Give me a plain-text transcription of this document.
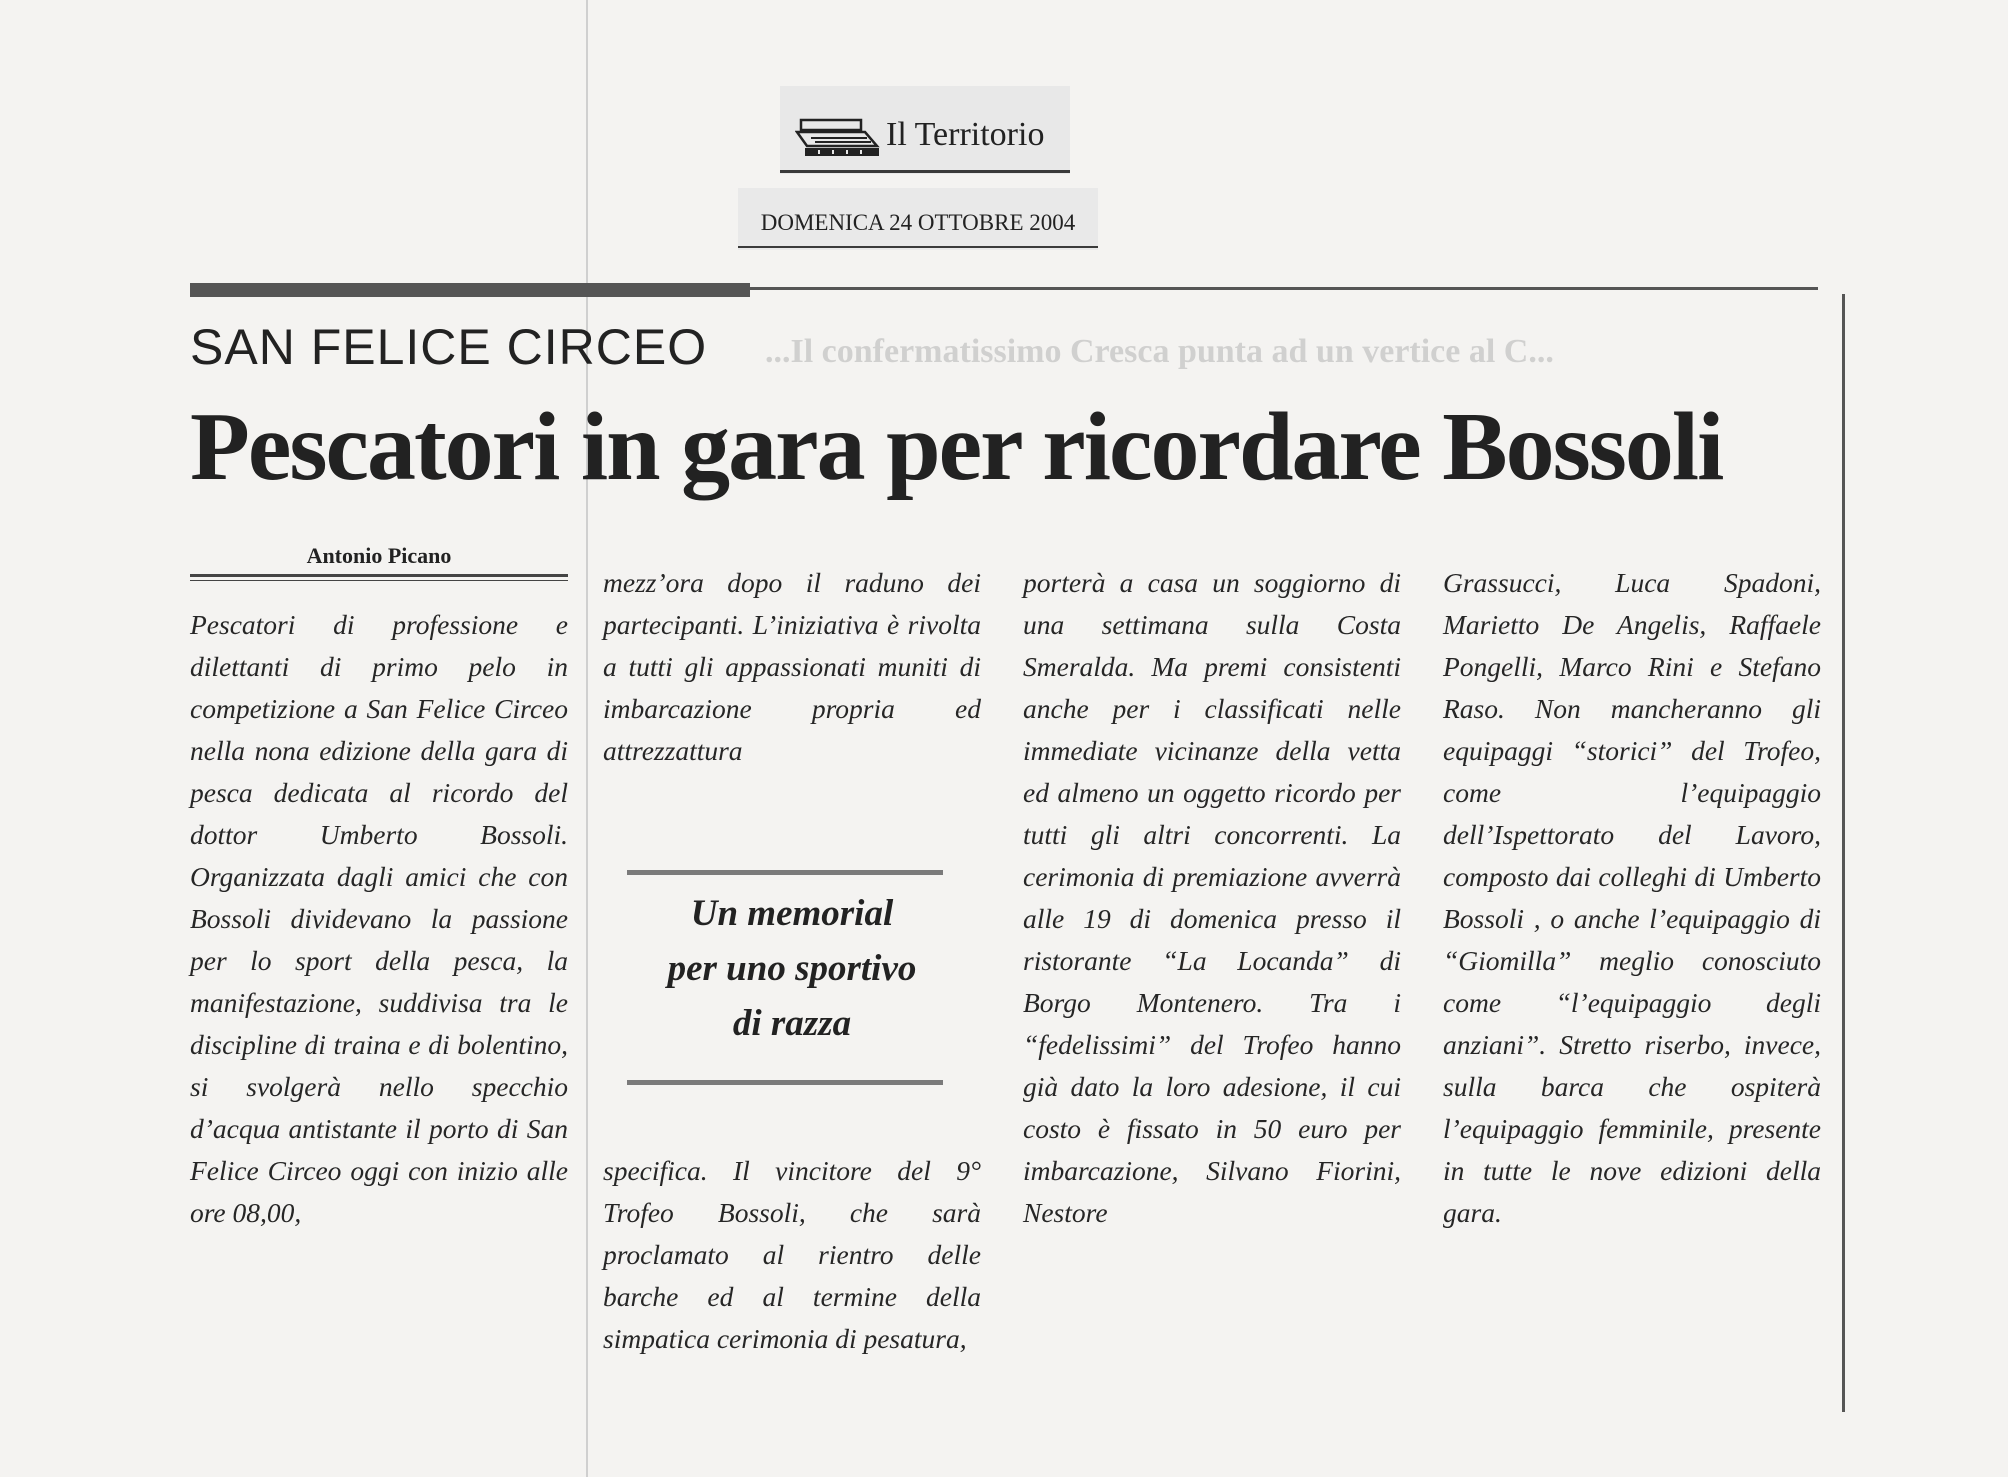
Il Territorio
DOMENICA 24 OTTOBRE 2004
...Il confermatissimo Cresca punta ad un vertice al C...
SAN FELICE CIRCEO
Pescatori in gara per ricordare Bossoli
Antonio Picano
Pescatori di professione e dilettanti di primo pelo in competizione a San Felice Circeo nella nona edizione della gara di pesca dedicata al ricordo del dottor Umberto Bossoli. Organizzata dagli amici che con Bossoli dividevano la passione per lo sport della pesca, la manifestazione, suddivisa tra le discipline di traina e di bolentino, si svolgerà nello specchio d’acqua antistante il porto di San Felice Circeo oggi con inizio alle ore 08,00,
mezz’ora dopo il raduno dei partecipanti. L’iniziativa è rivolta a tutti gli appassionati muniti di imbarcazione propria ed attrezzattura
Un memorial
per uno sportivo
di razza
specifica. Il vincitore del 9° Trofeo Bossoli, che sarà proclamato al rientro delle barche ed al termine della simpatica cerimonia di pesatura,
porterà a casa un soggiorno di una settimana sulla Costa Smeralda. Ma premi consistenti anche per i classificati nelle immediate vicinanze della vetta ed almeno un oggetto ricordo per tutti gli altri concorrenti. La cerimonia di premiazione avverrà alle 19 di domenica presso il ristorante “La Locanda” di Borgo Montenero. Tra i “fedelissimi” del Trofeo hanno già dato la loro adesione, il cui costo è fissato in 50 euro per imbarcazione, Silvano Fiorini, Nestore
Grassucci, Luca Spadoni, Marietto De Angelis, Raffaele Pongelli, Marco Rini e Stefano Raso. Non mancheranno gli equipaggi “storici” del Trofeo, come l’equipaggio dell’Ispettorato del Lavoro, composto dai colleghi di Umberto Bossoli , o anche l’equipaggio di “Giomilla” meglio conosciuto come “l’equipaggio degli anziani”. Stretto riserbo, invece, sulla barca che ospiterà l’equipaggio femminile, presente in tutte le nove edizioni della gara.
